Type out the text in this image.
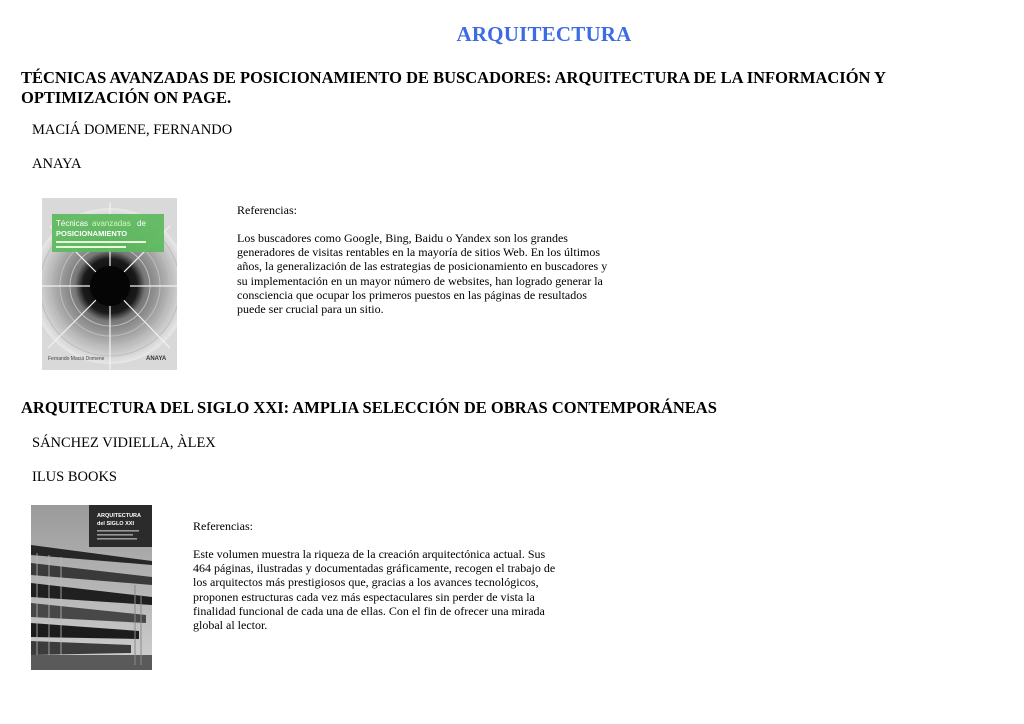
ARQUITECTURA
TÉCNICAS AVANZADAS DE POSICIONAMIENTO DE BUSCADORES: ARQUITECTURA DE LA INFORMACIÓN Y OPTIMIZACIÓN ON PAGE.
MACIÁ DOMENE, FERNANDO
ANAYA
Técnicas avanzadas de
POSICIONAMIENTO
Fernando Maciá Domene	ANAYA
Referencias:
Los buscadores como Google, Bing, Baidu o Yandex son los grandes generadores de visitas rentables en la mayoría de sitios Web. En los últimos años, la generalización de las estrategias de posicionamiento en buscadores y su implementación en un mayor número de websites, han logrado generar la consciencia que ocupar los primeros puestos en las páginas de resultados puede ser crucial para un sitio.
ARQUITECTURA DEL SIGLO XXI: AMPLIA SELECCIÓN DE OBRAS CONTEMPORÁNEAS
SÁNCHEZ VIDIELLA, ÀLEX
ILUS BOOKS
ARQUITECTURA
del SIGLO XXI	Referencias:
Este volumen muestra la riqueza de la creación arquitectónica actual. Sus 464 páginas, ilustradas y documentadas gráficamente, recogen el trabajo de los arquitectos más prestigiosos que, gracias a los avances tecnológicos, proponen estructuras cada vez más espectaculares sin perder de vista la finalidad funcional de cada una de ellas. Con el fin de ofrecer una mirada global al lector.
